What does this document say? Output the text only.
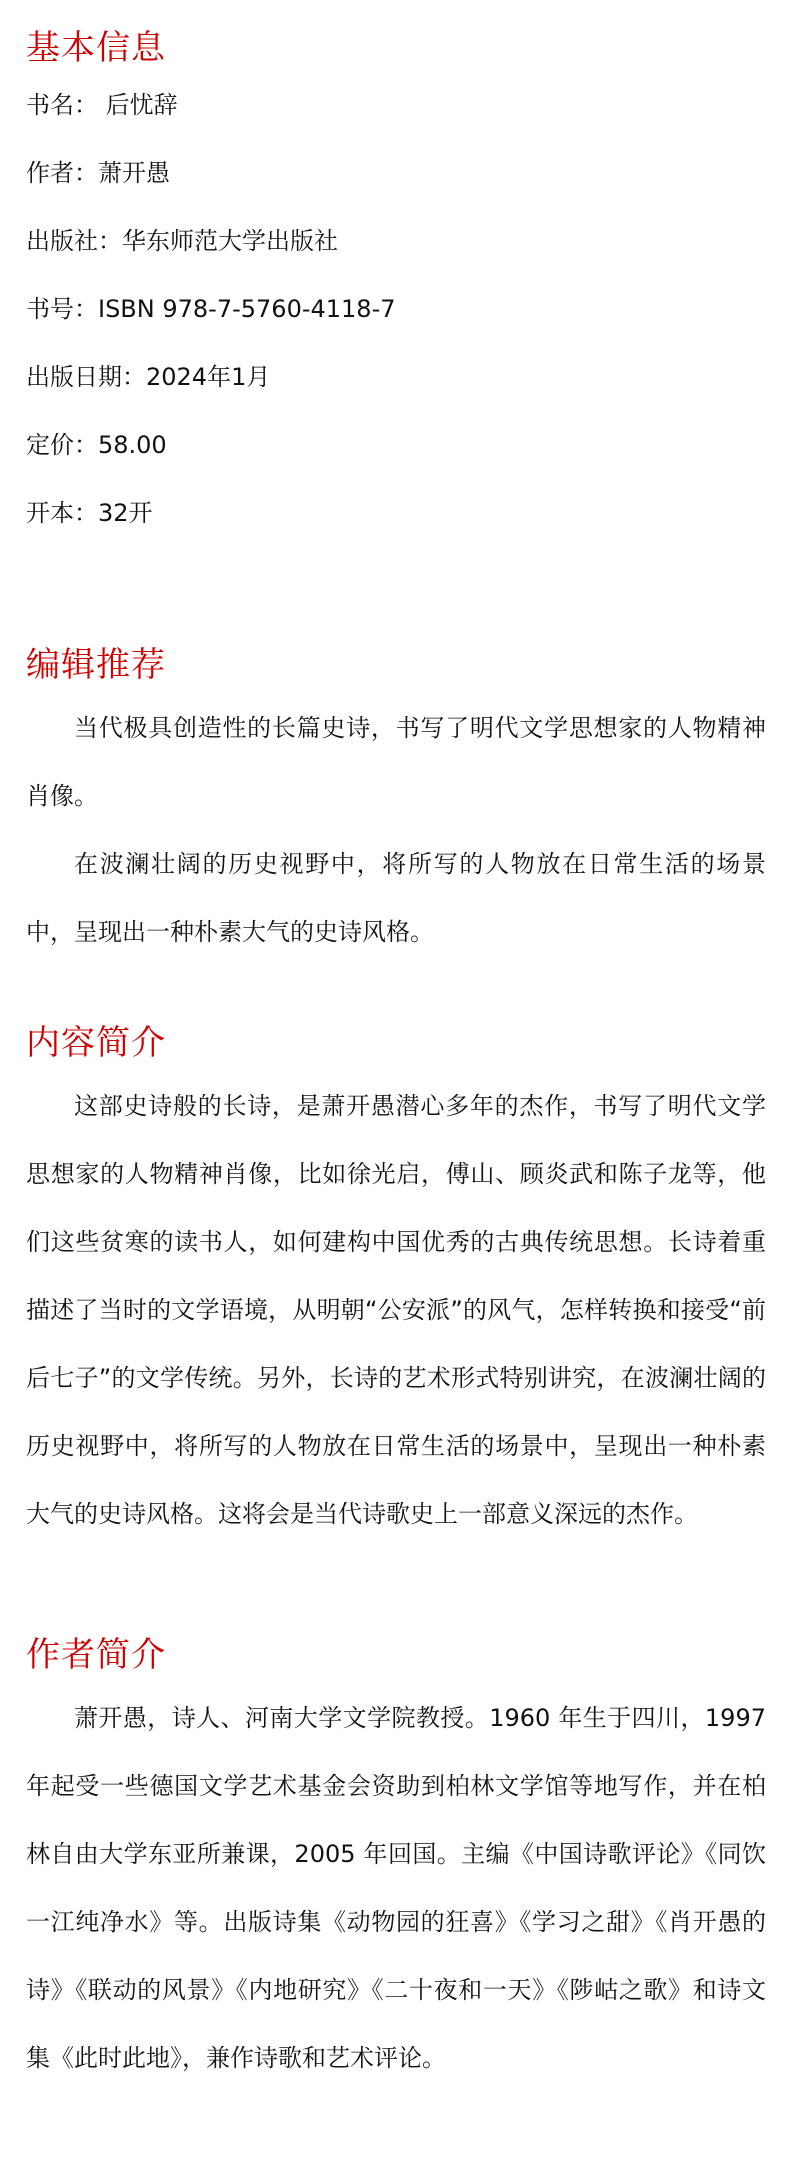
基本信息

书名： 后忧辞

作者：萧开愚

出版社：华东师范大学出版社

书号：ISBN 978-7-5760-4118-7

出版日期：2024年1月

定价：58.00

开本：32开

编辑推荐

当代极具创造性的长篇史诗，书写了明代文学思想家的人物精神肖像。

在波澜壮阔的历史视野中，将所写的人物放在日常生活的场景中，呈现出一种朴素大气的史诗风格。

内容简介

这部史诗般的长诗，是萧开愚潜心多年的杰作，书写了明代文学思想家的人物精神肖像，比如徐光启，傅山、顾炎武和陈子龙等，他们这些贫寒的读书人，如何建构中国优秀的古典传统思想。长诗着重描述了当时的文学语境，从明朝“公安派”的风气，怎样转换和接受“前后七子”的文学传统。另外，长诗的艺术形式特别讲究，在波澜壮阔的历史视野中，将所写的人物放在日常生活的场景中，呈现出一种朴素大气的史诗风格。这将会是当代诗歌史上一部意义深远的杰作。

作者简介

萧开愚，诗人、河南大学文学院教授。1960 年生于四川，1997 年起受一些德国文学艺术基金会资助到柏林文学馆等地写作，并在柏林自由大学东亚所兼课，2005 年回国。主编《中国诗歌评论》《同饮一江纯净水》等。出版诗集《动物园的狂喜》《学习之甜》《肖开愚的诗》《联动的风景》《内地研究》《二十夜和一天》《陟岵之歌》和诗文集《此时此地》，兼作诗歌和艺术评论。
